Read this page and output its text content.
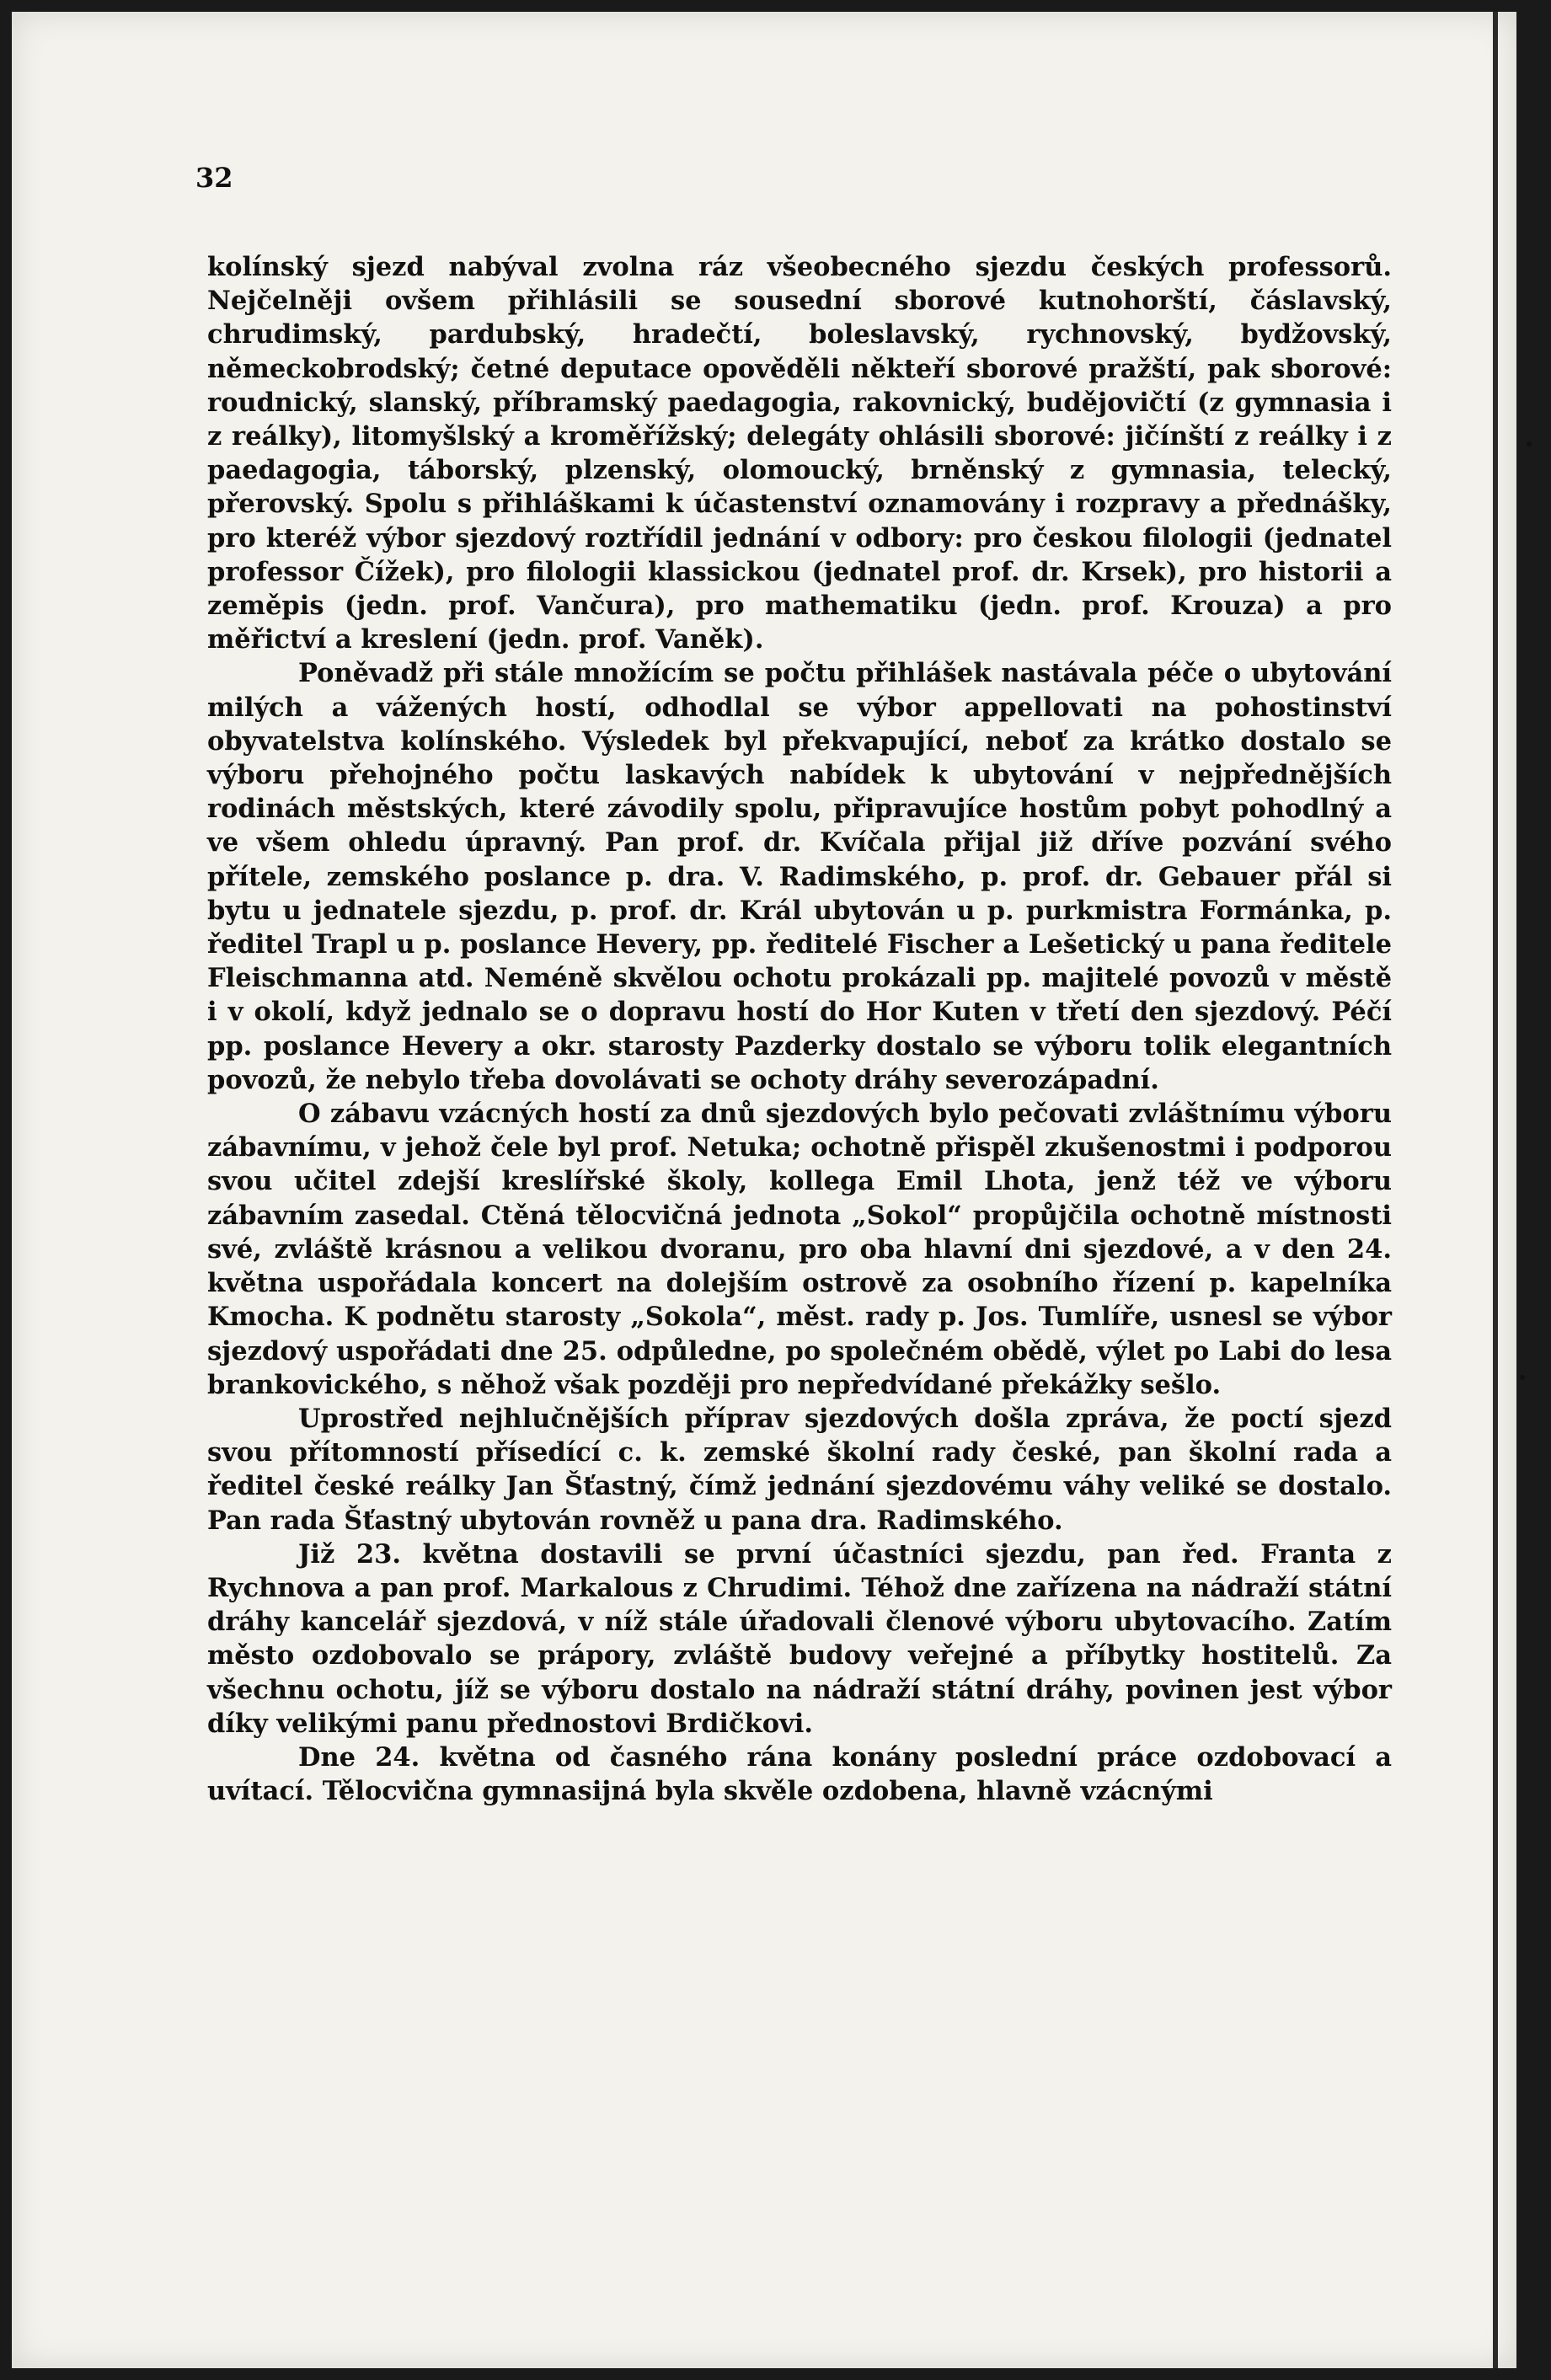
32

kolínský sjezd nabýval zvolna ráz všeobecného sjezdu českých professorů. Nejčelněji ovšem přihlásili se sousední sborové kutnohorští, čáslavský, chrudimský, pardubský, hradečtí, boleslavský, rychnovský, bydžovský, německobrodský; četné deputace opověděli někteří sborové pražští, pak sborové: roudnický, slanský, příbramský paedagogia, rakovnický, budějovičtí (z gymnasia i z reálky), litomyšlský a kroměřížský; delegáty ohlásili sborové: jičínští z reálky i z paedagogia, táborský, plzenský, olomoucký, brněnský z gymnasia, telecký, přerovský. Spolu s přihláškami k účastenství oznamovány i rozpravy a přednášky, pro kteréž výbor sjezdový roztřídil jednání v odbory: pro českou filologii (jednatel professor Čížek), pro filologii klassickou (jednatel prof. dr. Krsek), pro historii a zeměpis (jedn. prof. Vančura), pro mathematiku (jedn. prof. Krouza) a pro měřictví a kreslení (jedn. prof. Vaněk).

Poněvadž při stále množícím se počtu přihlášek nastávala péče o ubytování milých a vážených hostí, odhodlal se výbor appellovati na pohostinství obyvatelstva kolínského. Výsledek byl překvapující, neboť za krátko dostalo se výboru přehojného počtu laskavých nabídek k ubytování v nejpřednějších rodinách městských, které závodily spolu, připravujíce hostům pobyt pohodlný a ve všem ohledu úpravný. Pan prof. dr. Kvíčala přijal již dříve pozvání svého přítele, zemského poslance p. dra. V. Radimského, p. prof. dr. Gebauer přál si bytu u jednatele sjezdu, p. prof. dr. Král ubytován u p. purkmistra Formánka, p. ředitel Trapl u p. poslance Hevery, pp. ředitelé Fischer a Lešetický u pana ředitele Fleischmanna atd. Neméně skvělou ochotu prokázali pp. majitelé povozů v městě i v okolí, když jednalo se o dopravu hostí do Hor Kuten v třetí den sjezdový. Péčí pp. poslance Hevery a okr. starosty Pazderky dostalo se výboru tolik elegantních povozů, že nebylo třeba dovolávati se ochoty dráhy severozápadní.

O zábavu vzácných hostí za dnů sjezdových bylo pečovati zvláštnímu výboru zábavnímu, v jehož čele byl prof. Netuka; ochotně přispěl zkušenostmi i podporou svou učitel zdejší kreslířské školy, kollega Emil Lhota, jenž též ve výboru zábavním zasedal. Ctěná tělocvičná jednota „Sokol“ propůjčila ochotně místnosti své, zvláště krásnou a velikou dvoranu, pro oba hlavní dni sjezdové, a v den 24. května uspořádala koncert na dolejším ostrově za osobního řízení p. kapelníka Kmocha. K podnětu starosty „Sokola“, měst. rady p. Jos. Tumlíře, usnesl se výbor sjezdový uspořádati dne 25. odpůledne, po společném obědě, výlet po Labi do lesa brankovického, s něhož však později pro nepředvídané překážky sešlo.

Uprostřed nejhlučnějších příprav sjezdových došla zpráva, že poctí sjezd svou přítomností přísedící c. k. zemské školní rady české, pan školní rada a ředitel české reálky Jan Šťastný, čímž jednání sjezdovému váhy veliké se dostalo. Pan rada Šťastný ubytován rovněž u pana dra. Radimského.

Již 23. května dostavili se první účastníci sjezdu, pan řed. Franta z Rychnova a pan prof. Markalous z Chrudimi. Téhož dne zařízena na nádraží státní dráhy kancelář sjezdová, v níž stále úřadovali členové výboru ubytovacího. Zatím město ozdobovalo se prápory, zvláště budovy veřejné a příbytky hostitelů. Za všechnu ochotu, jíž se výboru dostalo na nádraží státní dráhy, povinen jest výbor díky velikými panu přednostovi Brdičkovi.

Dne 24. května od časného rána konány poslední práce ozdobovací a uvítací. Tělocvična gymnasijná byla skvěle ozdobena, hlavně vzácnými
